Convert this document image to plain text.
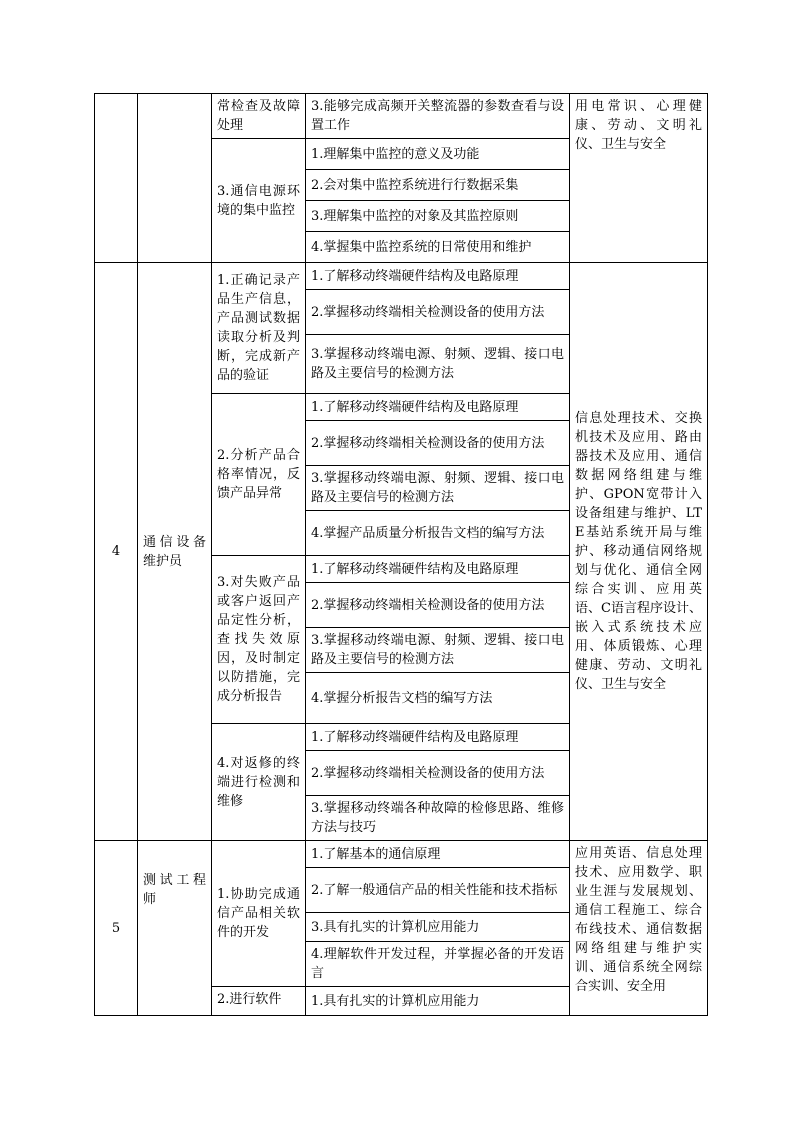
		常检查及故障处理	3.能够完成高频开关整流器的参数查看与设置工作	用电常识、心理健康、劳动、文明礼仪、卫生与安全
		3.通信电源环境的集中监控	1.理解集中监控的意义及功能	
			2.会对集中监控系统进行行数据采集	
			3.理解集中监控的对象及其监控原则	
			4.掌握集中监控系统的日常使用和维护	
4	通信设备维护员	1.正确记录产品生产信息，产品测试数据读取分析及判断，完成新产品的验证	1.了解移动终端硬件结构及电路原理	信息处理技术、交换机技术及应用、路由器技术及应用、通信数据网络组建与维护、GPON宽带计入设备组建与维护、LTE基站系统开局与维护、移动通信网络规划与优化、通信全网综合实训、应用英语、C语言程序设计、嵌入式系统技术应用、体质锻炼、心理健康、劳动、文明礼仪、卫生与安全
			2.掌握移动终端相关检测设备的使用方法	
			3.掌握移动终端电源、射频、逻辑、接口电路及主要信号的检测方法	
		2.分析产品合格率情况，反馈产品异常	1.了解移动终端硬件结构及电路原理	
			2.掌握移动终端相关检测设备的使用方法	
			3.掌握移动终端电源、射频、逻辑、接口电路及主要信号的检测方法	
			4.掌握产品质量分析报告文档的编写方法	
		3.对失败产品或客户返回产品定性分析，查找失效原因，及时制定以防措施，完成分析报告	1.了解移动终端硬件结构及电路原理	
			2.掌握移动终端相关检测设备的使用方法	
			3.掌握移动终端电源、射频、逻辑、接口电路及主要信号的检测方法	
			4.掌握分析报告文档的编写方法	
		4.对返修的终端进行检测和维修	1.了解移动终端硬件结构及电路原理	
			2.掌握移动终端相关检测设备的使用方法	
			3.掌握移动终端各种故障的检修思路、维修方法与技巧	
5	测试工程师	1.协助完成通信产品相关软件的开发	1.了解基本的通信原理	应用英语、信息处理技术、应用数学、职业生涯与发展规划、通信工程施工、综合布线技术、通信数据网络组建与维护实训、通信系统全网综合实训、安全用
			2.了解一般通信产品的相关性能和技术指标	
			3.具有扎实的计算机应用能力	
			4.理解软件开发过程，并掌握必备的开发语言	
		2.进行软件	1.具有扎实的计算机应用能力	
